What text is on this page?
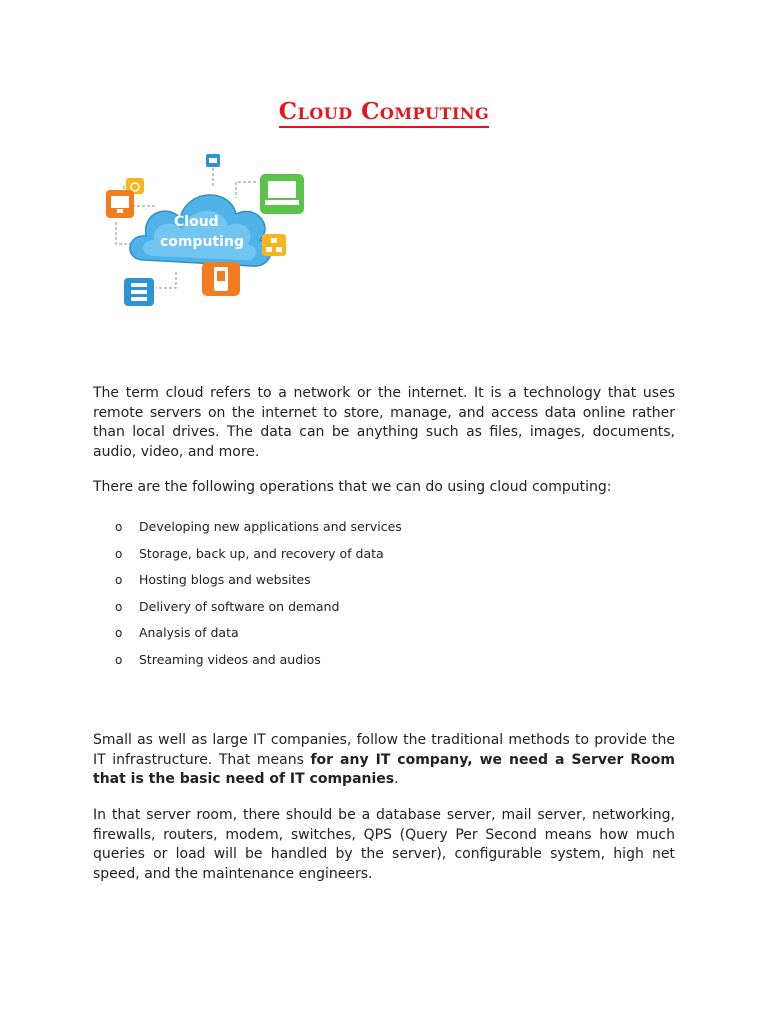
Cloud Computing
Cloud
computing

The term cloud refers to a network or the internet. It is a technology that uses remote servers on the internet to store, manage, and access data online rather than local drives. The data can be anything such as files, images, documents, audio, video, and more.

There are the following operations that we can do using cloud computing:

o Developing new applications and services
o Storage, back up, and recovery of data
o Hosting blogs and websites
o Delivery of software on demand
o Analysis of data
o Streaming videos and audios

Small as well as large IT companies, follow the traditional methods to provide the IT infrastructure. That means for any IT company, we need a Server Room that is the basic need of IT companies.

In that server room, there should be a database server, mail server, networking, firewalls, routers, modem, switches, QPS (Query Per Second means how much queries or load will be handled by the server), configurable system, high net speed, and the maintenance engineers.
